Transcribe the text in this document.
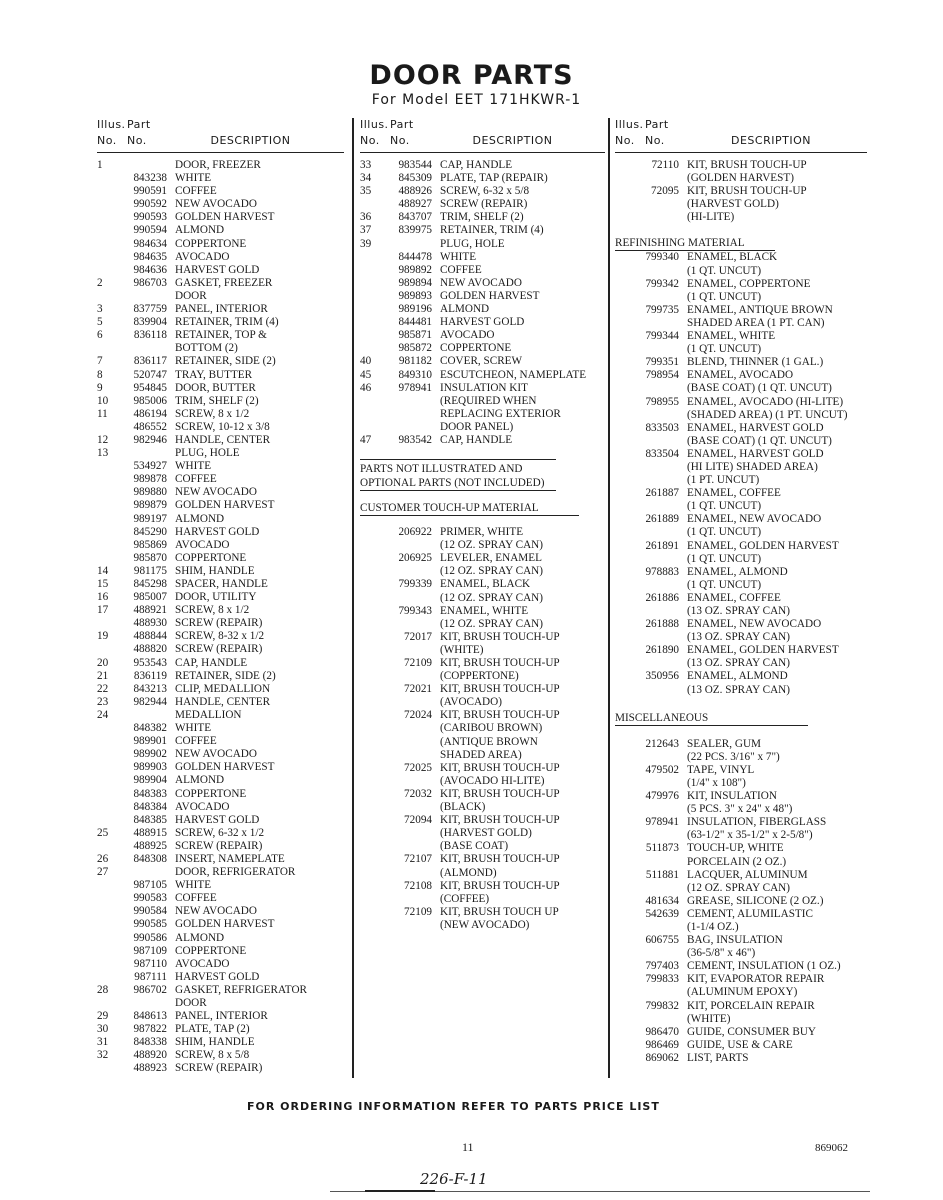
DOOR PARTS
For Model EET 171HKWR-1
Illus. Part
No. No.	DESCRIPTION
1	DOOR, FREEZER
843238 WHITE
990591 COFFEE
990592 NEW AVOCADO
990593 GOLDEN HARVEST
990594 ALMOND
984634 COPPERTONE
984635 AVOCADO
984636 HARVEST GOLD
2	986703 GASKET, FREEZER
DOOR
3	837759 PANEL, INTERIOR
5	839904 RETAINER, TRIM (4)
6	836118 RETAINER, TOP &
BOTTOM (2)
7	836117 RETAINER, SIDE (2)
8	520747 TRAY, BUTTER
9	954845 DOOR, BUTTER
10	985006 TRIM, SHELF (2)
11	486194 SCREW, 8 x 1/2
486552 SCREW, 10-12 x 3/8
12	982946 HANDLE, CENTER
13	PLUG, HOLE
534927 WHITE
989878 COFFEE
989880 NEW AVOCADO
989879 GOLDEN HARVEST
989197 ALMOND
845290 HARVEST GOLD
985869 AVOCADO
985870 COPPERTONE
14	981175 SHIM, HANDLE
15	845298 SPACER, HANDLE
16	985007 DOOR, UTILITY
17	488921 SCREW, 8 x 1/2
488930 SCREW (REPAIR)
19	488844 SCREW, 8-32 x 1/2
488820 SCREW (REPAIR)
20	953543 CAP, HANDLE
21	836119 RETAINER, SIDE (2)
22	843213 CLIP, MEDALLION
23	982944 HANDLE, CENTER
24	MEDALLION
848382 WHITE
989901 COFFEE
989902 NEW AVOCADO
989903 GOLDEN HARVEST
989904 ALMOND
848383 COPPERTONE
848384 AVOCADO
848385 HARVEST GOLD
25	488915 SCREW, 6-32 x 1/2
488925 SCREW (REPAIR)
26	848308 INSERT, NAMEPLATE
27	DOOR, REFRIGERATOR
987105 WHITE
990583 COFFEE
990584 NEW AVOCADO
990585 GOLDEN HARVEST
990586 ALMOND
987109 COPPERTONE
987110 AVOCADO
987111 HARVEST GOLD
28	986702 GASKET, REFRIGERATOR
DOOR
29	848613 PANEL, INTERIOR
30	987822 PLATE, TAP (2)
31	848338 SHIM, HANDLE
32	488920 SCREW, 8 x 5/8
488923 SCREW (REPAIR)
Illus. Part
No. No.	DESCRIPTION
33	983544 CAP, HANDLE
34	845309 PLATE, TAP (REPAIR)
35	488926 SCREW, 6-32 x 5/8
488927 SCREW (REPAIR)
36	843707 TRIM, SHELF (2)
37	839975 RETAINER, TRIM (4)
39	PLUG, HOLE
844478 WHITE
989892 COFFEE
989894 NEW AVOCADO
989893 GOLDEN HARVEST
989196 ALMOND
844481 HARVEST GOLD
985871 AVOCADO
985872 COPPERTONE
40	981182 COVER, SCREW
45	849310 ESCUTCHEON, NAMEPLATE
46	978941 INSULATION KIT
(REQUIRED WHEN
REPLACING EXTERIOR
DOOR PANEL)
47	983542 CAP, HANDLE
PARTS NOT ILLUSTRATED AND
OPTIONAL PARTS (NOT INCLUDED)
CUSTOMER TOUCH-UP MATERIAL
206922 PRIMER, WHITE
(12 OZ. SPRAY CAN)
206925 LEVELER, ENAMEL
(12 OZ. SPRAY CAN)
799339 ENAMEL, BLACK
(12 OZ. SPRAY CAN)
799343 ENAMEL, WHITE
(12 OZ. SPRAY CAN)
72017 KIT, BRUSH TOUCH-UP
(WHITE)
72109 KIT, BRUSH TOUCH-UP
(COPPERTONE)
72021 KIT, BRUSH TOUCH-UP
(AVOCADO)
72024 KIT, BRUSH TOUCH-UP
(CARIBOU BROWN)
(ANTIQUE BROWN
SHADED AREA)
72025 KIT, BRUSH TOUCH-UP
(AVOCADO HI-LITE)
72032 KIT, BRUSH TOUCH-UP
(BLACK)
72094 KIT, BRUSH TOUCH-UP
(HARVEST GOLD)
(BASE COAT)
72107 KIT, BRUSH TOUCH-UP
(ALMOND)
72108 KIT, BRUSH TOUCH-UP
(COFFEE)
72109 KIT, BRUSH TOUCH UP
(NEW AVOCADO)
Illus. Part
No. No.	DESCRIPTION
72110 KIT, BRUSH TOUCH-UP
(GOLDEN HARVEST)
72095 KIT, BRUSH TOUCH-UP
(HARVEST GOLD)
(HI-LITE)
REFINISHING MATERIAL
799340 ENAMEL, BLACK
(1 QT. UNCUT)
799342 ENAMEL, COPPERTONE
(1 QT. UNCUT)
799735 ENAMEL, ANTIQUE BROWN
SHADED AREA (1 PT. CAN)
799344 ENAMEL, WHITE
(1 QT. UNCUT)
799351 BLEND, THINNER (1 GAL.)
798954 ENAMEL, AVOCADO
(BASE COAT) (1 QT. UNCUT)
798955 ENAMEL, AVOCADO (HI-LITE)
(SHADED AREA) (1 PT. UNCUT)
833503 ENAMEL, HARVEST GOLD
(BASE COAT) (1 QT. UNCUT)
833504 ENAMEL, HARVEST GOLD
(HI LITE) SHADED AREA)
(1 PT. UNCUT)
261887 ENAMEL, COFFEE
(1 QT. UNCUT)
261889 ENAMEL, NEW AVOCADO
(1 QT. UNCUT)
261891 ENAMEL, GOLDEN HARVEST
(1 QT. UNCUT)
978883 ENAMEL, ALMOND
(1 QT. UNCUT)
261886 ENAMEL, COFFEE
(13 OZ. SPRAY CAN)
261888 ENAMEL, NEW AVOCADO
(13 OZ. SPRAY CAN)
261890 ENAMEL, GOLDEN HARVEST
(13 OZ. SPRAY CAN)
350956 ENAMEL, ALMOND
(13 OZ. SPRAY CAN)
MISCELLANEOUS
212643 SEALER, GUM
(22 PCS. 3/16" x 7")
479502 TAPE, VINYL
(1/4" x 108")
479976 KIT, INSULATION
(5 PCS. 3" x 24" x 48")
978941 INSULATION, FIBERGLASS
(63-1/2" x 35-1/2" x 2-5/8")
511873 TOUCH-UP, WHITE
PORCELAIN (2 OZ.)
511881 LACQUER, ALUMINUM
(12 OZ. SPRAY CAN)
481634 GREASE, SILICONE (2 OZ.)
542639 CEMENT, ALUMILASTIC
(1-1/4 OZ.)
606755 BAG, INSULATION
(36-5/8" x 46")
797403 CEMENT, INSULATION (1 OZ.)
799833 KIT, EVAPORATOR REPAIR
(ALUMINUM EPOXY)
799832 KIT, PORCELAIN REPAIR
(WHITE)
986470 GUIDE, CONSUMER BUY
986469 GUIDE, USE & CARE
869062 LIST, PARTS
FOR ORDERING INFORMATION REFER TO PARTS PRICE LIST
11	869062
226-F-11
